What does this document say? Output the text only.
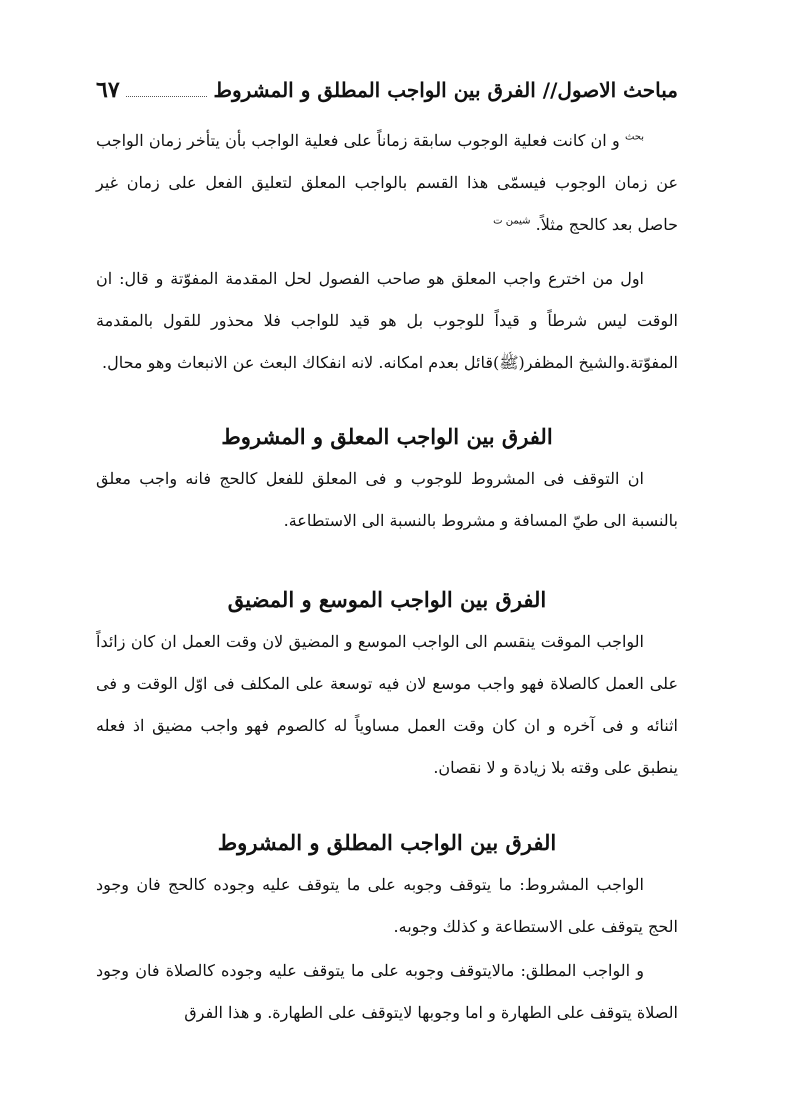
مباحث الاصول// الفرق بين الواجب المطلق و المشروط
٦٧

$^{بحث}$ و ان كانت فعلية الوجوب سابقة زماناً على فعلية الواجب بأن يتأخر زمان الواجب عن زمان الوجوب فيسمّى هذا القسم بالواجب المعلق لتعليق الفعل على زمان غير حاصل بعد كالحج مثلاً. $^{شيمن ت}$

اول من اخترع واجب المعلق هو صاحب الفصول لحل المقدمة المفوّتة و قال: ان الوقت ليس شرطاً و قيداً للوجوب بل هو قيد للواجب فلا محذور للقول بالمقدمة المفوّتة.والشيخ المظفر(ﷺ)قائل بعدم امكانه. لانه انفكاك البعث عن الانبعاث وهو محال.

الفرق بين الواجب المعلق و المشروط

ان التوقف فى المشروط للوجوب و فى المعلق للفعل كالحج فانه واجب معلق بالنسبة الى طيّ المسافة و مشروط بالنسبة الى الاستطاعة.

الفرق بين الواجب الموسع و المضيق

الواجب الموقت ينقسم الى الواجب الموسع و المضيق لان وقت العمل ان كان زائداً على العمل كالصلاة فهو واجب موسع لان فيه توسعة على المكلف فى اوّل الوقت و فى اثنائه و فى آخره و ان كان وقت العمل مساوياً له كالصوم فهو واجب مضيق اذ فعله ينطبق على وقته بلا زيادة و لا نقصان.

الفرق بين الواجب المطلق و المشروط

الواجب المشروط: ما يتوقف وجوبه على ما يتوقف عليه وجوده كالحج فان وجود الحج يتوقف على الاستطاعة و كذلك وجوبه.

و الواجب المطلق: مالايتوقف وجوبه على ما يتوقف عليه وجوده كالصلاة فان وجود الصلاة يتوقف على الطهارة و اما وجوبها لايتوقف على الطهارة. و هذا الفرق
